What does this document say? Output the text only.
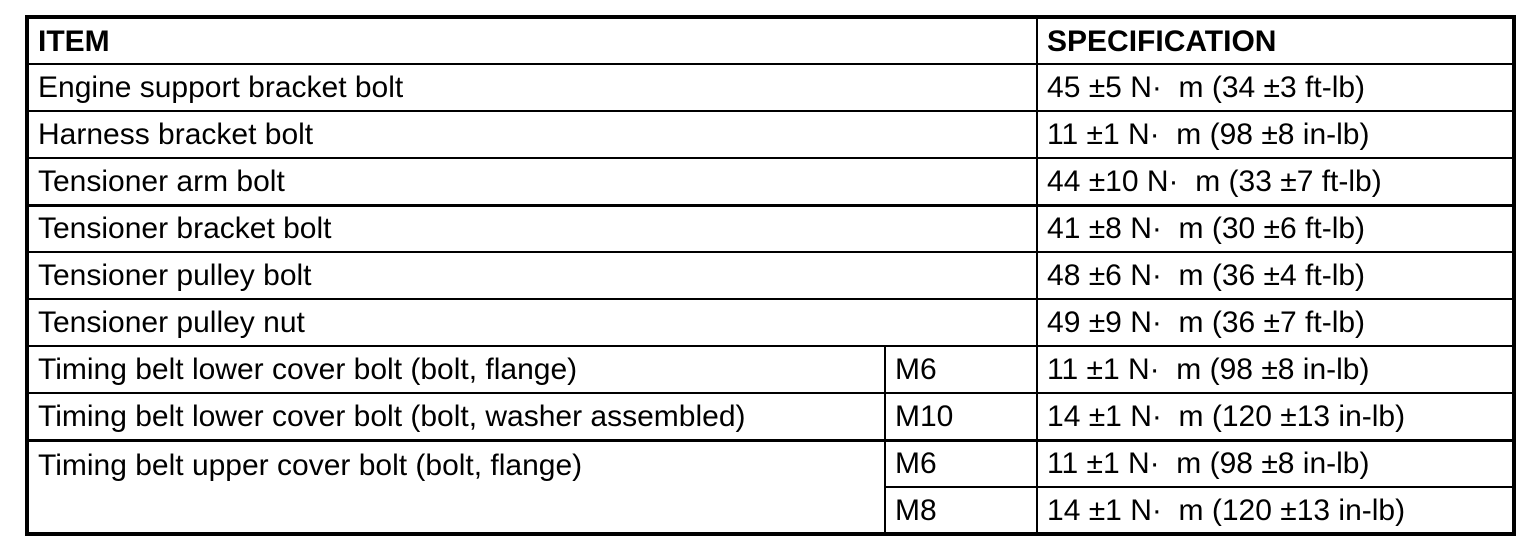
ITEM		SPECIFICATION
Engine support bracket bolt		45 ±5 N·  m (34 ±3 ft-lb)
Harness bracket bolt		11 ±1 N·  m (98 ±8 in-lb)
Tensioner arm bolt		44 ±10 N·  m (33 ±7 ft-lb)
Tensioner bracket bolt		41 ±8 N·  m (30 ±6 ft-lb)
Tensioner pulley bolt		48 ±6 N·  m (36 ±4 ft-lb)
Tensioner pulley nut		49 ±9 N·  m (36 ±7 ft-lb)
Timing belt lower cover bolt (bolt, flange)	M6	11 ±1 N·  m (98 ±8 in-lb)
Timing belt lower cover bolt (bolt, washer assembled)	M10	14 ±1 N·  m (120 ±13 in-lb)
Timing belt upper cover bolt (bolt, flange)	M6	11 ±1 N·  m (98 ±8 in-lb)
	M8	14 ±1 N·  m (120 ±13 in-lb)
